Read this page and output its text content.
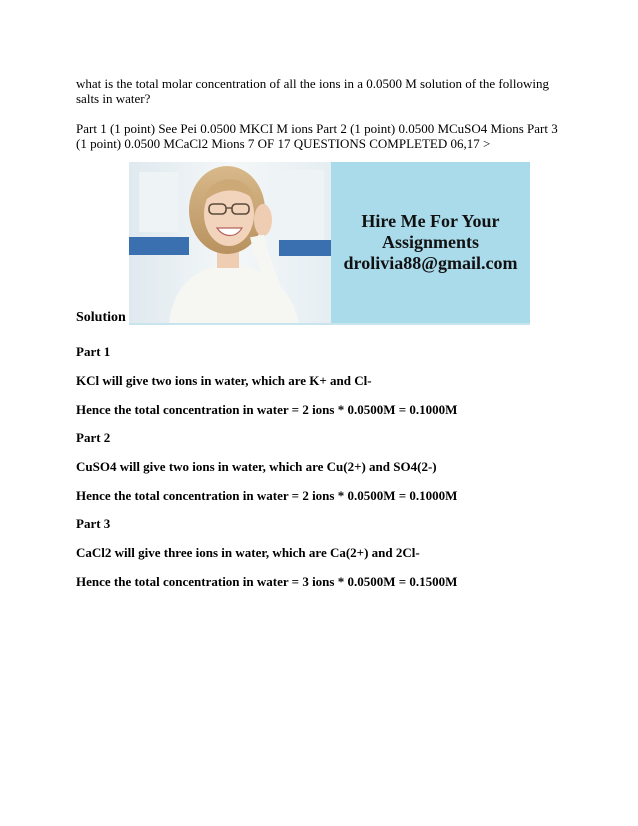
what is the total molar concentration of all the ions in a 0.0500 M solution of the following salts in water?
Part 1 (1 point) See Pei 0.0500 MKCI M ions Part 2 (1 point) 0.0500 MCuSO4 Mions Part 3 (1 point) 0.0500 MCaCl2 Mions 7 OF 17 QUESTIONS COMPLETED 06,17 >
Solution
Hire Me For Your
Assignments
drolivia88@gmail.com
Part 1
KCl will give two ions in water, which are K+ and Cl-
Hence the total concentration in water = 2 ions * 0.0500M = 0.1000M
Part 2
CuSO4 will give two ions in water, which are Cu(2+) and SO4(2-)
Hence the total concentration in water = 2 ions * 0.0500M = 0.1000M
Part 3
CaCl2 will give three ions in water, which are Ca(2+) and 2Cl-
Hence the total concentration in water = 3 ions * 0.0500M = 0.1500M
